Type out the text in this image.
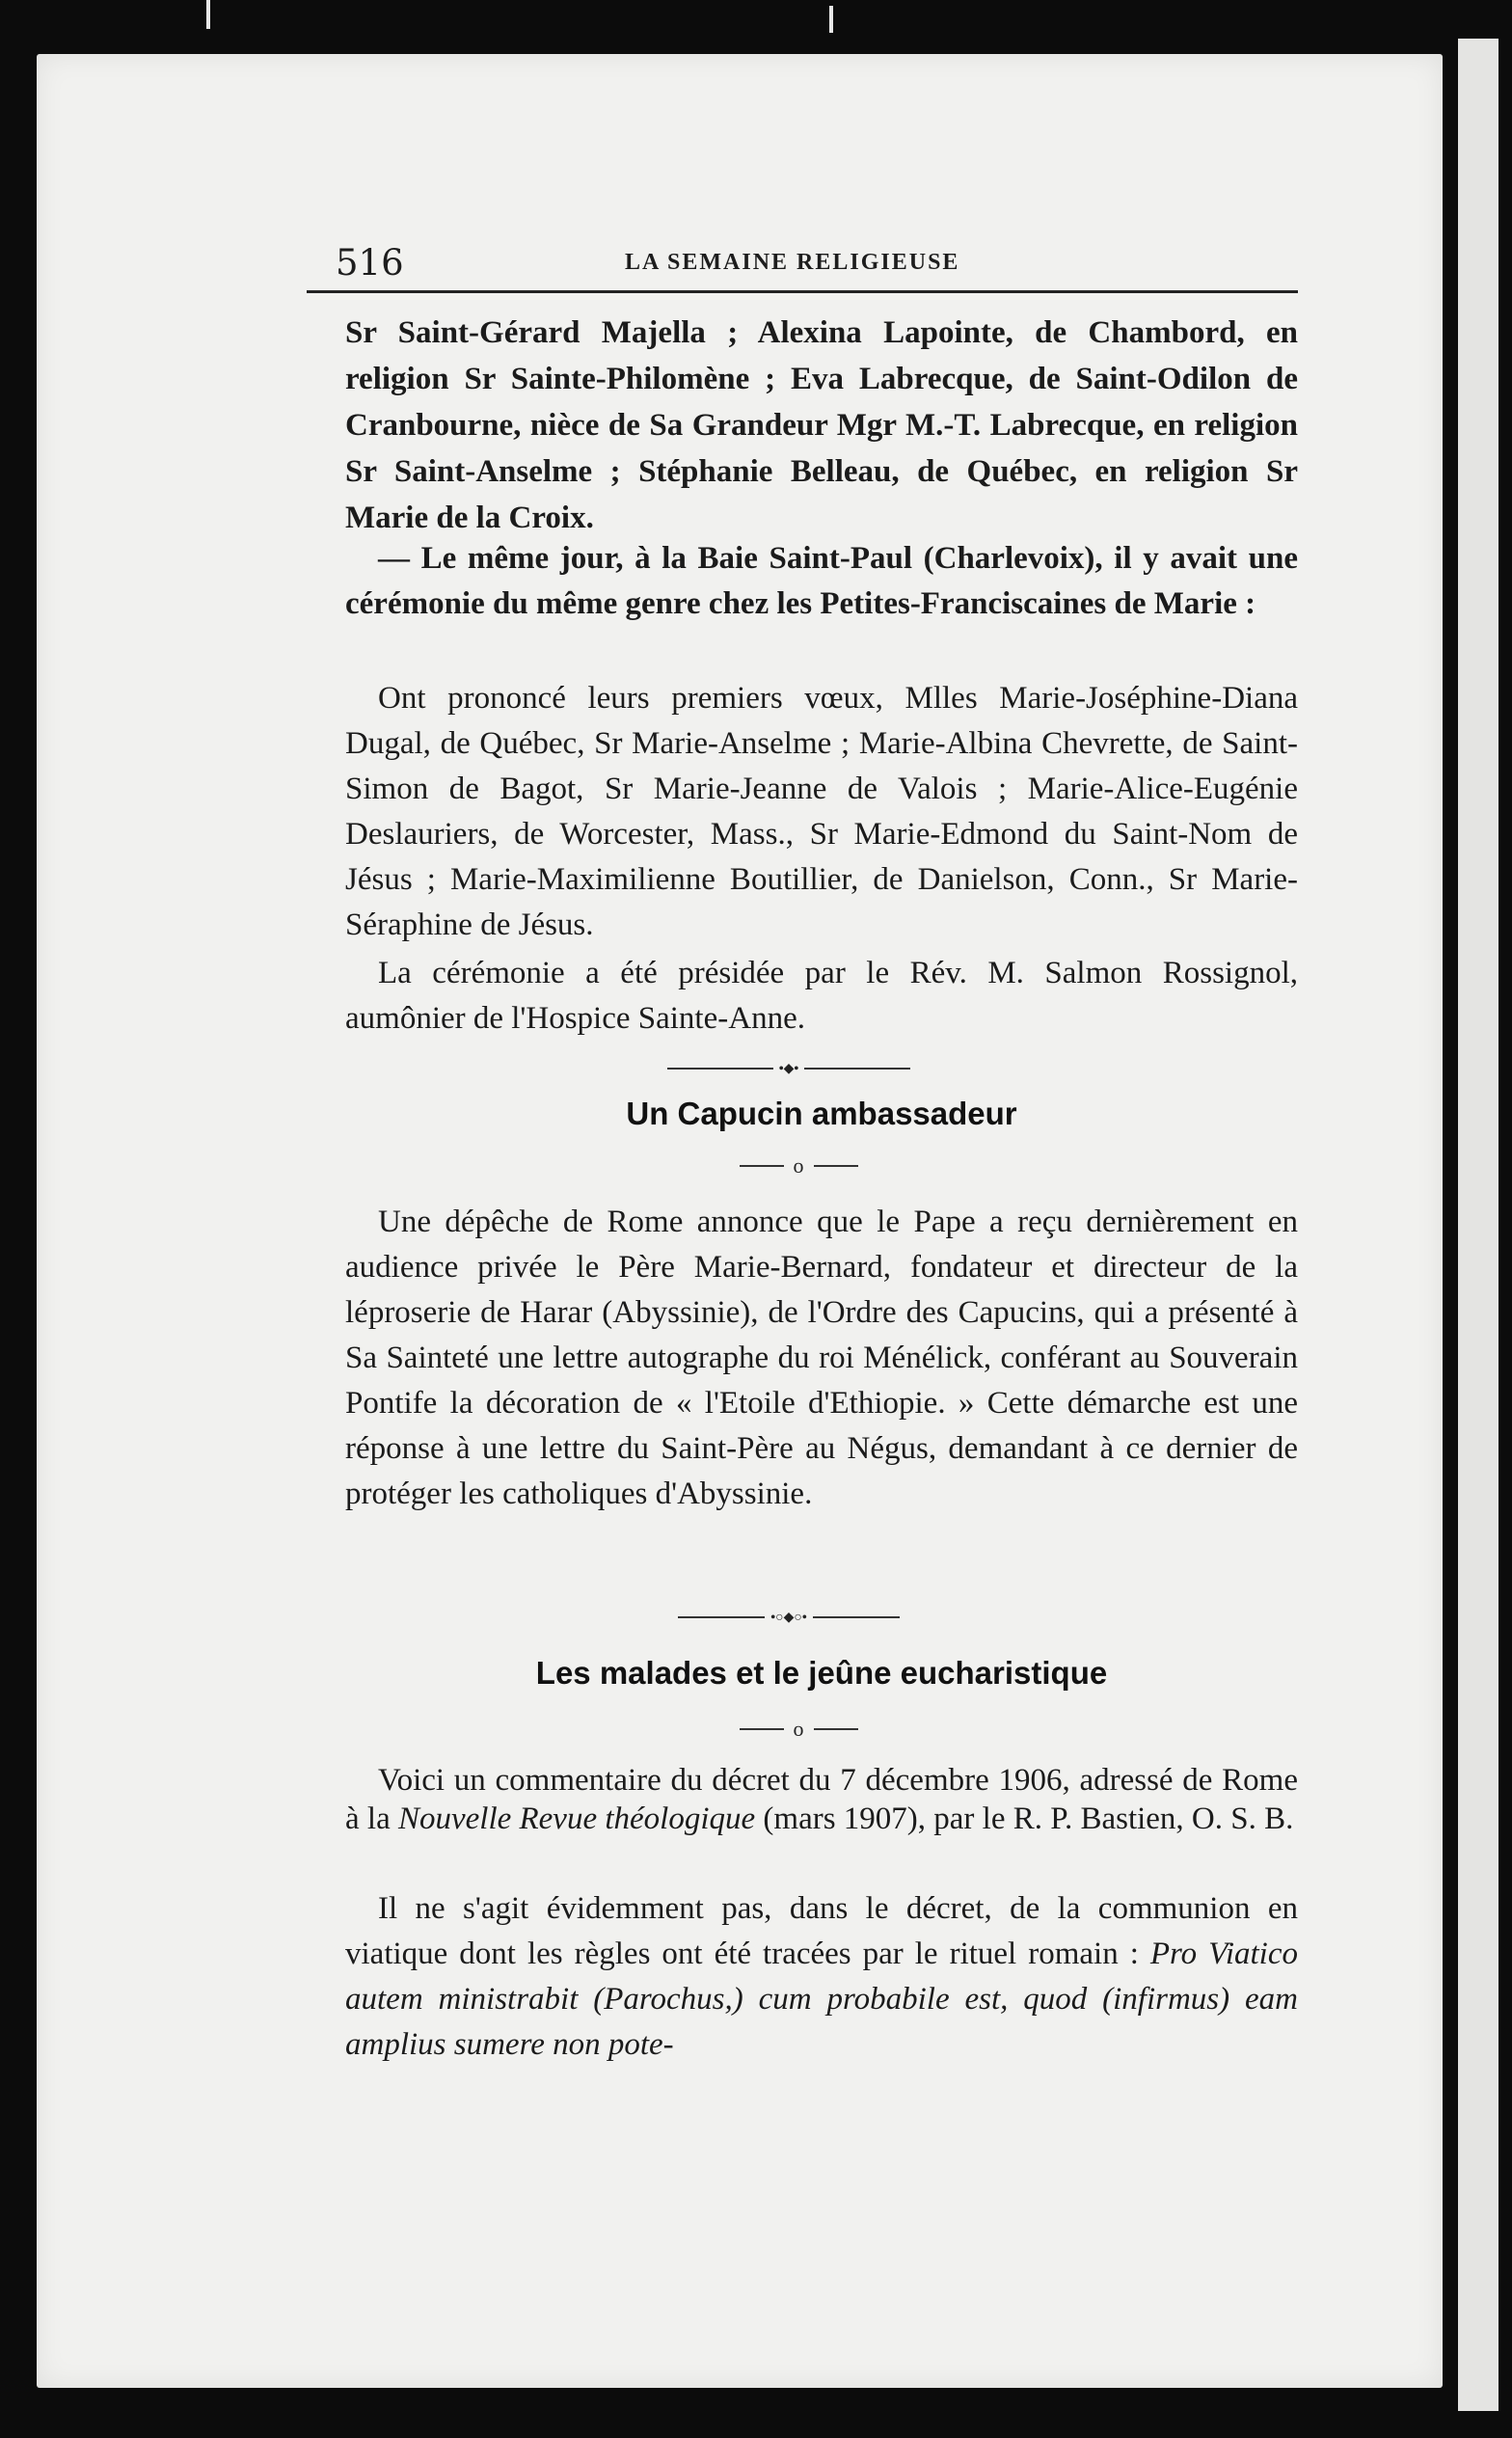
516	LA SEMAINE RELIGIEUSE

Sr Saint-Gérard Majella ; Alexina Lapointe, de Chambord, en religion Sr Sainte-Philomène ; Eva Labrecque, de Saint-Odilon de Cranbourne, nièce de Sa Grandeur Mgr M.-T. Labrecque, en religion Sr Saint-Anselme ; Stéphanie Belleau, de Québec, en religion Sr Marie de la Croix.

— Le même jour, à la Baie Saint-Paul (Charlevoix), il y avait une cérémonie du même genre chez les Petites-Franciscaines de Marie :

Ont prononcé leurs premiers vœux, Mlles Marie-Joséphine-Diana Dugal, de Québec, Sr Marie-Anselme ; Marie-Albina Chevrette, de Saint-Simon de Bagot, Sr Marie-Jeanne de Valois ; Marie-Alice-Eugénie Deslauriers, de Worcester, Mass., Sr Marie-Edmond du Saint-Nom de Jésus ; Marie-Maximilienne Boutillier, de Danielson, Conn., Sr Marie-Séraphine de Jésus.

La cérémonie a été présidée par le Rév. M. Salmon Rossignol, aumônier de l'Hospice Sainte-Anne.

•◆•
Un Capucin ambassadeur
o

Une dépêche de Rome annonce que le Pape a reçu dernièrement en audience privée le Père Marie-Bernard, fondateur et directeur de la léproserie de Harar (Abyssinie), de l'Ordre des Capucins, qui a présenté à Sa Sainteté une lettre autographe du roi Ménélick, conférant au Souverain Pontife la décoration de « l'Etoile d'Ethiopie. » Cette démarche est une réponse à une lettre du Saint-Père au Négus, demandant à ce dernier de protéger les catholiques d'Abyssinie.

•○◆○•
Les malades et le jeûne eucharistique
o

Voici un commentaire du décret du 7 décembre 1906, adressé de Rome à la Nouvelle Revue théologique (mars 1907), par le R. P. Bastien, O. S. B.

Il ne s'agit évidemment pas, dans le décret, de la communion en viatique dont les règles ont été tracées par le rituel romain : Pro Viatico autem ministrabit (Parochus,) cum probabile est, quod (infirmus) eam amplius sumere non pote-
